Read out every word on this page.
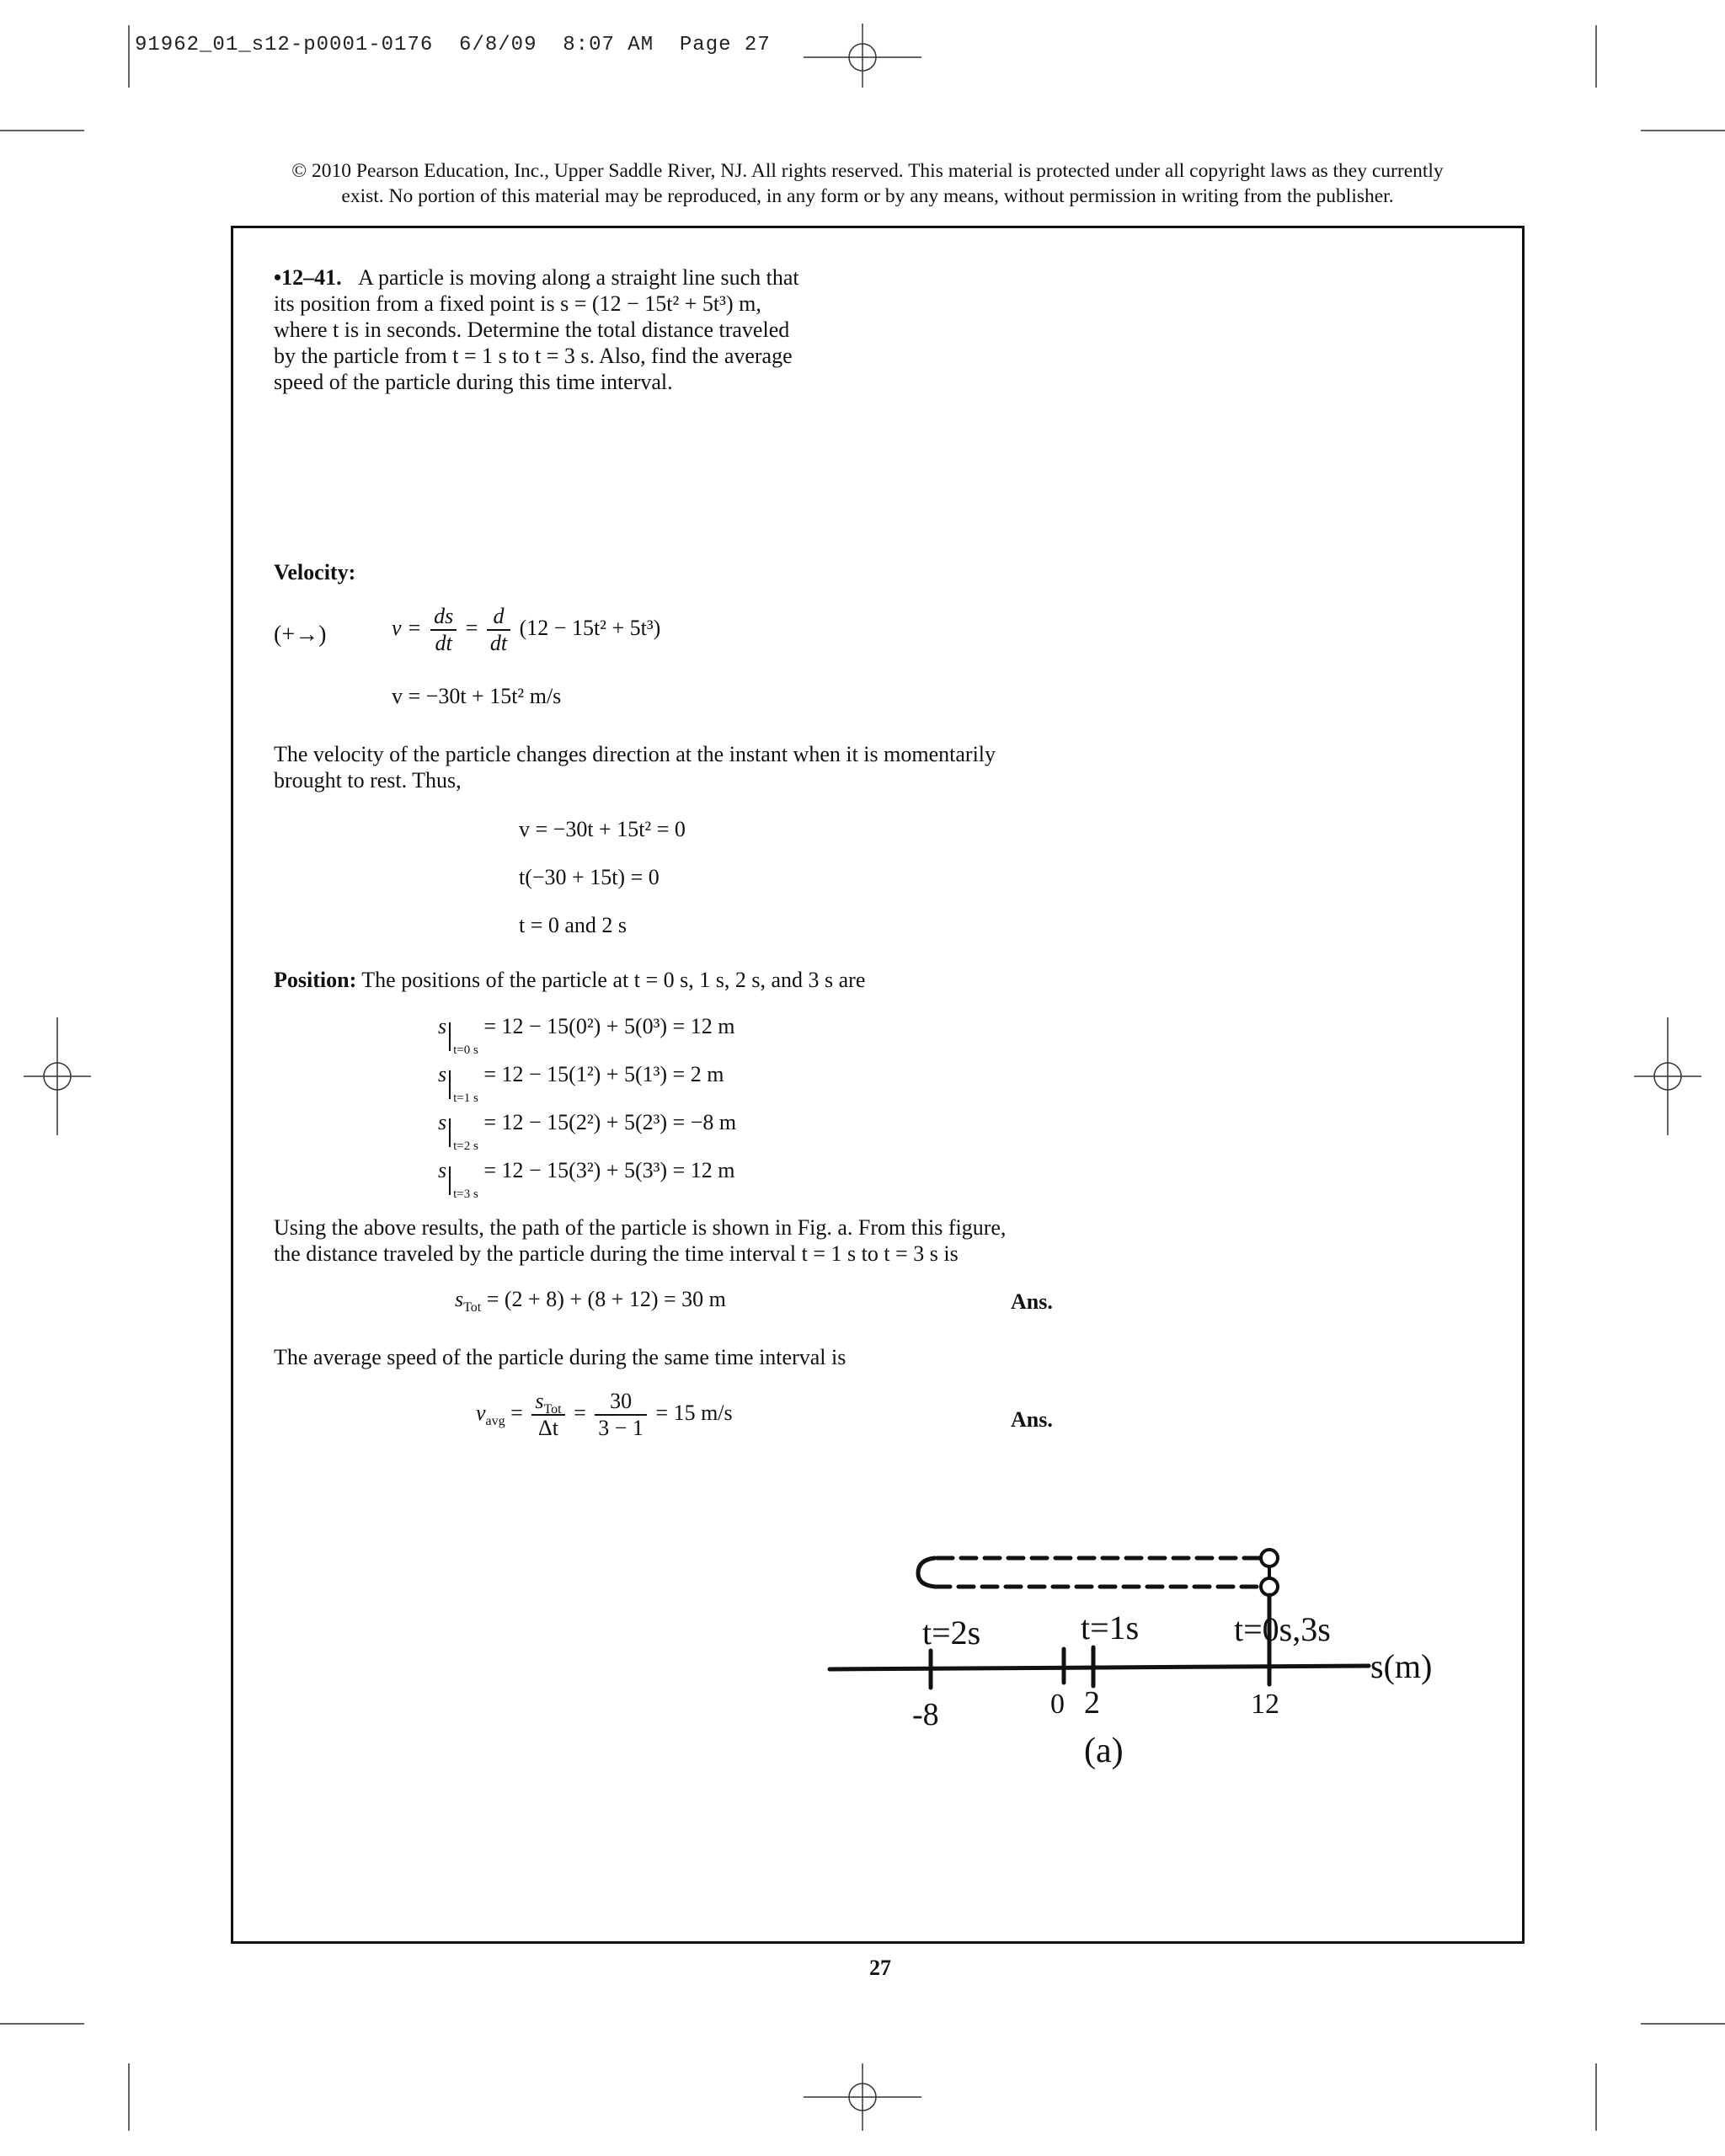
91962_01_s12-p0001-0176  6/8/09  8:07 AM  Page 27
© 2010 Pearson Education, Inc., Upper Saddle River, NJ. All rights reserved. This material is protected under all copyright laws as they currently
exist. No portion of this material may be reproduced, in any form or by any means, without permission in writing from the publisher.
•12–41. A particle is moving along a straight line such that
its position from a fixed point is s = (12 − 15t² + 5t³) m,
where t is in seconds. Determine the total distance traveled
by the particle from t = 1 s to t = 3 s. Also, find the average
speed of the particle during this time interval.
Velocity:
(+→)	$v = \frac{ds}{dt} = \frac{d}{dt} (12 - 15t^2 + 5t^3)$
v = −30t + 15t² m/s
The velocity of the particle changes direction at the instant when it is momentarily
brought to rest. Thus,
v = −30t + 15t² = 0
t(−30 + 15t) = 0
t = 0 and 2 s
Position: The positions of the particle at t = 0 s, 1 s, 2 s, and 3 s are
$s_{t=0 s} = 12 - 15(0^2) + 5(0^3) = 12$ m
$s_{t=1 s} = 12 - 15(1^2) + 5(1^3) = 2$ m
$s_{t=2 s} = 12 - 15(2^2) + 5(2^3) = -8$ m
$s_{t=3 s} = 12 - 15(3^2) + 5(3^3) = 12$ m
Using the above results, the path of the particle is shown in Fig. a. From this figure,
the distance traveled by the particle during the time interval t = 1 s to t = 3 s is
$s_{Tot} = (2 + 8) + (8 + 12) = 30$ m	Ans.
The average speed of the particle during the same time interval is
$v_{avg} = \frac{s_{Tot}}{\Delta t} = \frac{30}{3 - 1} = 15$ m/s	Ans.
-8	0 2	12
t=2s	t=1s	t=0s,3s
s(m)
(a)
27
